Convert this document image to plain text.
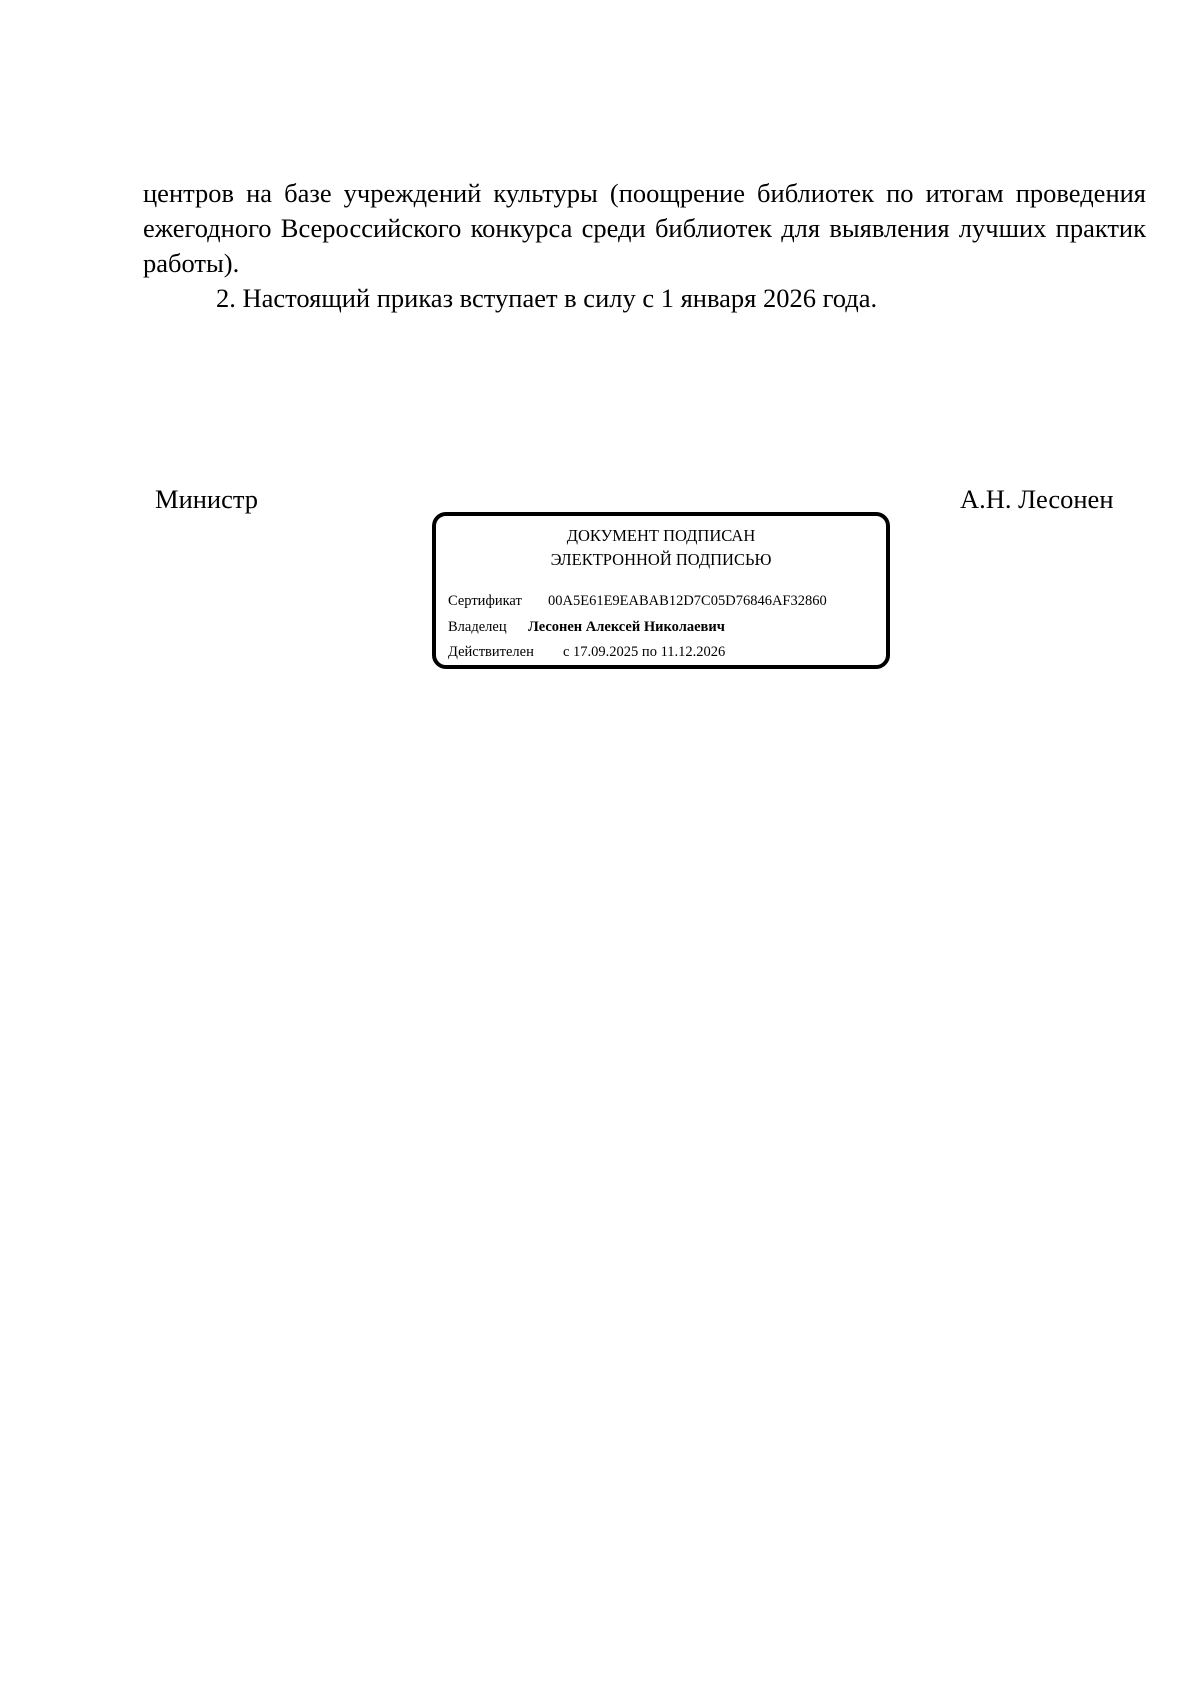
центров на базе учреждений культуры (поощрение библиотек по итогам проведения ежегодного Всероссийского конкурса среди библиотек для выявления лучших практик работы).

2. Настоящий приказ вступает в силу с 1 января 2026 года.

Министр	А.Н. Лесонен
ДОКУМЕНТ ПОДПИСАН
ЭЛЕКТРОННОЙ ПОДПИСЬЮ
Сертификат 00A5E61E9EABAB12D7C05D76846AF32860
Владелец Лесонен Алексей Николаевич
Действителен с 17.09.2025 по 11.12.2026
